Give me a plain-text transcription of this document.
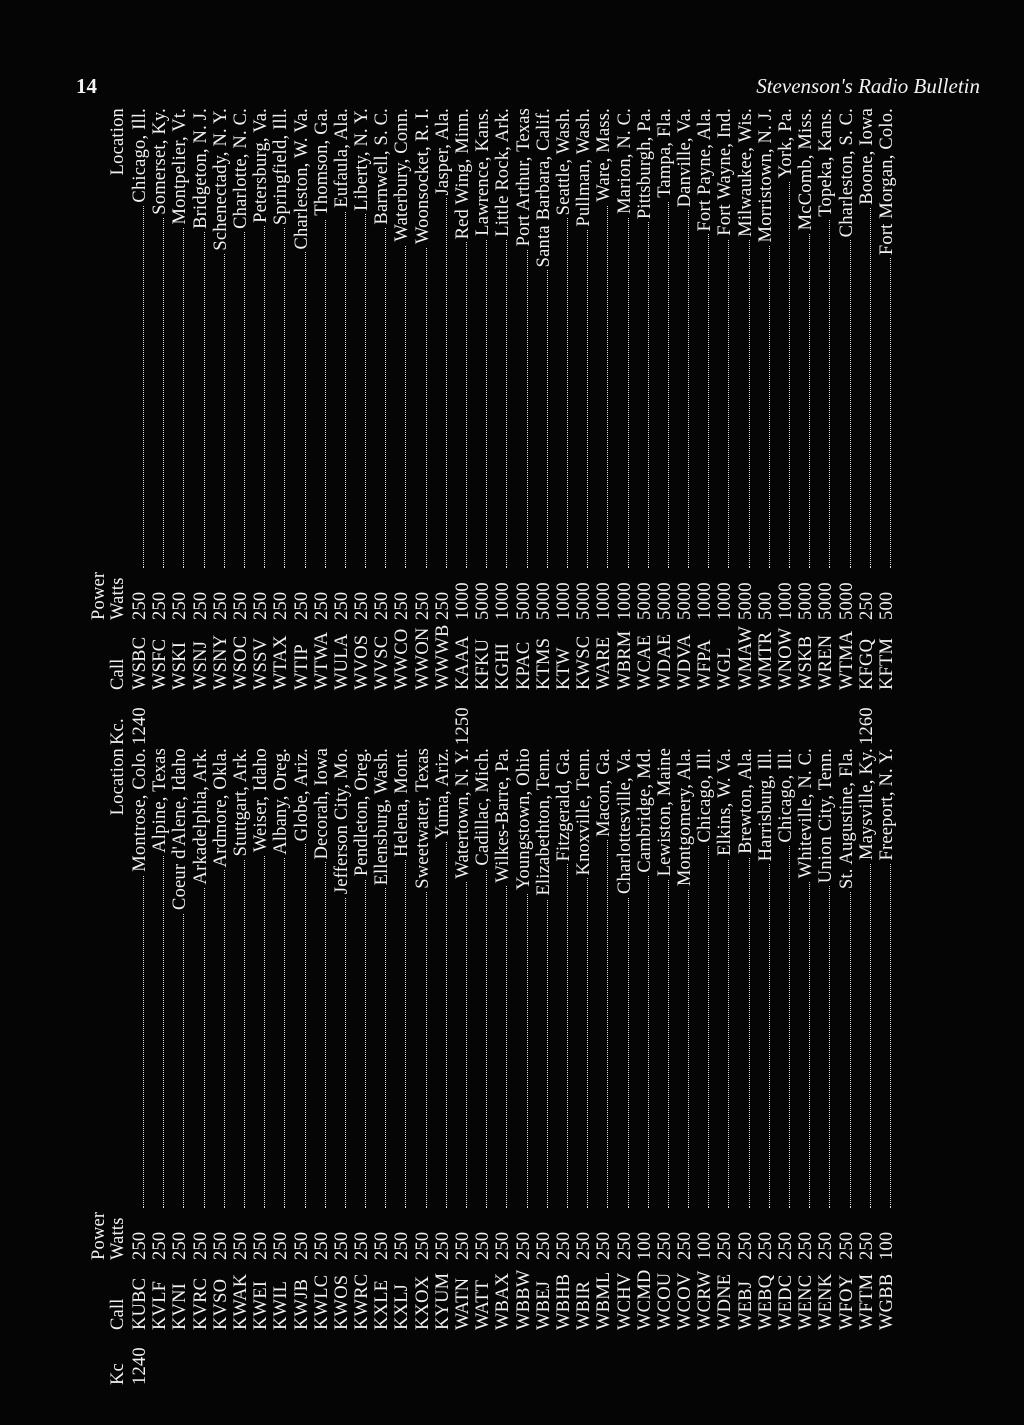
14	Stevenson's Radio Bulletin

Kc

Call
Power
Watts

Location
1240
KUBC
250
Montrose, Colo.
KVLF
250
Alpine, Texas
KVNI
250
Coeur d'Alene, Idaho
KVRC
250
Arkadelphia, Ark.
KVSO
250
Ardmore, Okla.
KWAK
250
Stuttgart, Ark.
KWEI
250
Weiser, Idaho
KWIL
250
Albany, Oreg.
KWJB
250
Globe, Ariz.
KWLC
250
Decorah, Iowa
KWOS
250
Jefferson City, Mo.
KWRC
250
Pendleton, Oreg.
KXLE
250
Ellensburg, Wash.
KXLJ
250
Helena, Mont.
KXOX
250
Sweetwater, Texas
KYUM
250
Yuma, Ariz.
WATN
250
Watertown, N. Y.
WATT
250
Cadillac, Mich.
WBAX
250
Wilkes-Barre, Pa.
WBBW
250
Youngstown, Ohio
WBEJ
250
Elizabethton, Tenn.
WBHB
250
Fitzgerald, Ga.
WBIR
250
Knoxville, Tenn.
WBML
250
Macon, Ga.
WCHV
250
Charlottesville, Va.
WCMD
100
Cambridge, Md.
WCOU
250
Lewiston, Maine
WCOV
250
Montgomery, Ala.
WCRW
100
Chicago, Ill.
WDNE
250
Elkins, W. Va.
WEBJ
250
Brewton, Ala.
WEBQ
250
Harrisburg, Ill.
WEDC
250
Chicago, Ill.
WENC
250
Whiteville, N. C.
WENK
250
Union City, Tenn.
WFOY
250
St. Augustine, Fla.
WFTM
250
Maysville, Ky.
WGBB
100
Freeport, N. Y.

Kc.

Call
Power
Watts

Location
1240
WSBC
250
Chicago, Ill.
WSFC
250
Somerset, Ky.
WSKI
250
Montpelier, Vt.
WSNJ
250
Bridgeton, N. J.
WSNY
250
Schenectady, N. Y.
WSOC
250
Charlotte, N. C.
WSSV
250
Petersburg, Va.
WTAX
250
Springfield, Ill.
WTIP
250
Charleston, W. Va.
WTWA
250
Thomson, Ga.
WULA
250
Eufaula, Ala.
WVOS
250
Liberty, N. Y.
WVSC
250
Barnwell, S. C.
WWCO
250
Waterbury, Conn.
WWON
250
Woonsocket, R. I.
WWWB
250
Jasper, Ala.
1250
KAAA
1000
Red Wing, Minn.
KFKU
5000
Lawrence, Kans.
KGHI
1000
Little Rock, Ark.
KPAC
5000
Port Arthur, Texas
KTMS
5000
Santa Barbara, Calif.
KTW
1000
Seattle, Wash.
KWSC
5000
Pullman, Wash.
WARE
1000
Ware, Mass.
WBRM
1000
Marion, N. C.
WCAE
5000
Pittsburgh, Pa.
WDAE
5000
Tampa, Fla.
WDVA
5000
Danville, Va.
WFPA
1000
Fort Payne, Ala.
WGL
1000
Fort Wayne, Ind.
WMAW
5000
Milwaukee, Wis.
WMTR
500
Morristown, N. J.
WNOW
1000
York, Pa.
WSKB
5000
McComb, Miss.
WREN
5000
Topeka, Kans.
WTMA
5000
Charleston, S. C.
1260
KFGQ
250
Boone, Iowa
KFTM
500
Fort Morgan, Colo.
